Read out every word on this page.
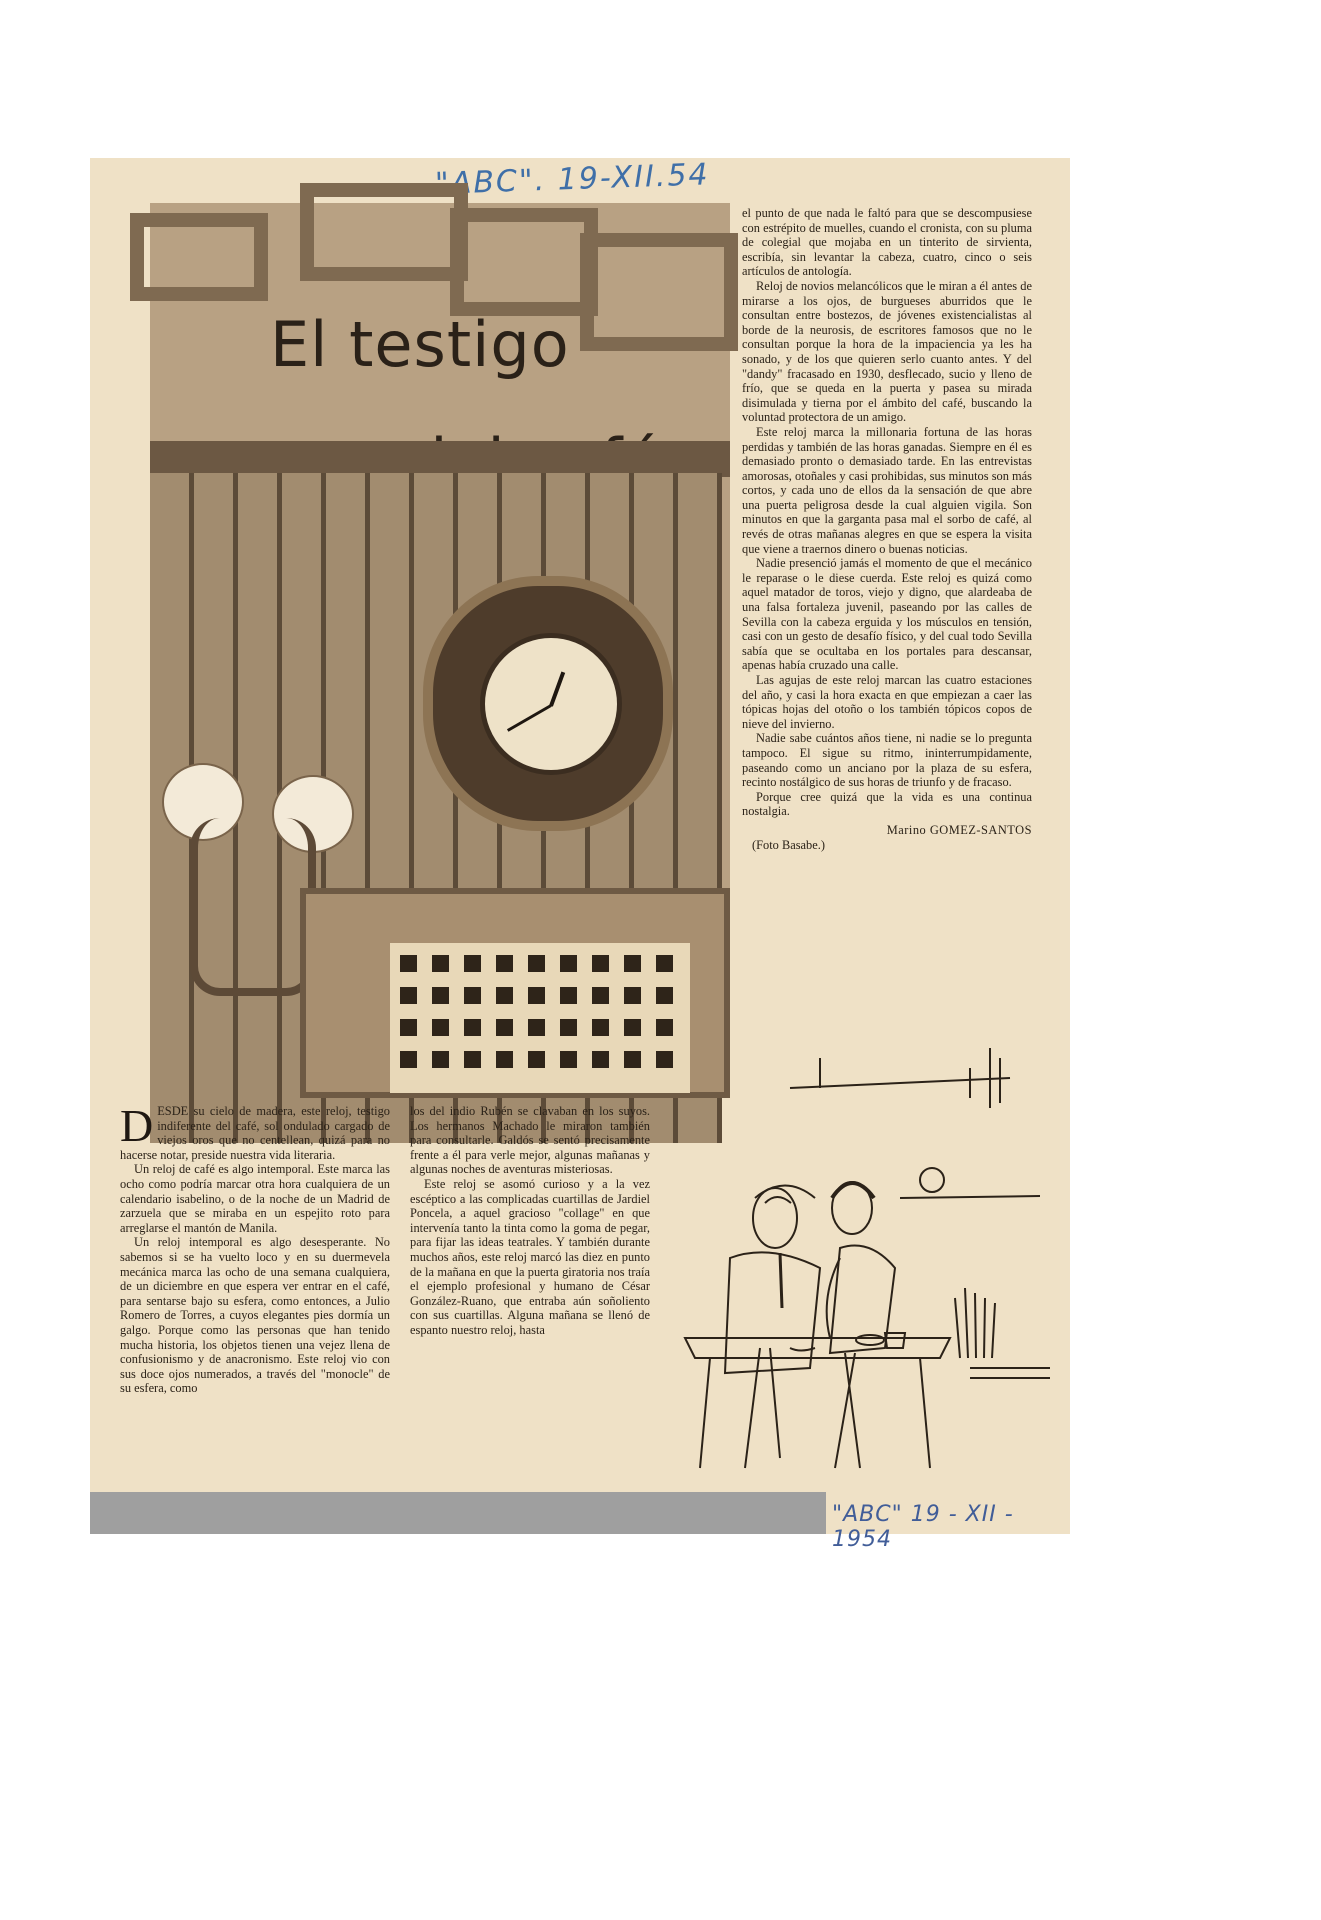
"ABC". 19-XII.54
El testigo

el punto de que nada le faltó para que se descompusiese con estrépito de muelles, cuando el cronista, con su pluma de colegial que mojaba en un tinterito de sirvienta, escribía, sin levantar la cabeza, cuatro, cinco o seis artículos de antología.

Reloj de novios melancólicos que le miran a él antes de mirarse a los ojos, de burgueses aburridos que le consultan entre bostezos, de jóvenes existencialistas al borde de la neurosis, de escritores famosos que no le consultan porque la hora de la impaciencia ya les ha sonado, y de los que quieren serlo cuanto antes. Y del "dandy" fracasado en 1930, desflecado, sucio y lleno de frío, que se queda en la puerta y pasea su mirada disimulada y tierna por el ámbito del café, buscando la voluntad protectora de un amigo.

Este reloj marca la millonaria fortuna de las horas perdidas y también de las horas ganadas. Siempre en él es demasiado pronto o demasiado tarde. En las entrevistas amorosas, otoñales y casi prohibidas, sus minutos son más cortos, y cada uno de ellos da la sensación de que abre una puerta peligrosa desde la cual alguien vigila. Son minutos en que la garganta pasa mal el sorbo de café, al revés de otras mañanas alegres en que se espera la visita que viene a traernos dinero o buenas noticias.

Nadie presenció jamás el momento de que el mecánico le reparase o le diese cuerda. Este reloj es quizá como aquel matador de toros, viejo y digno, que alardeaba de una falsa fortaleza juvenil, paseando por las calles de Sevilla con la cabeza erguida y los músculos en tensión, casi con un gesto de desafío físico, y del cual todo Sevilla sabía que se ocultaba en los portales para descansar, apenas había cruzado una calle.

Las agujas de este reloj marcan las cuatro estaciones del año, y casi la hora exacta en que empiezan a caer las tópicas hojas del otoño o los también tópicos copos de nieve del invierno.

Nadie sabe cuántos años tiene, ni nadie se lo pregunta tampoco. El sigue su ritmo, ininterrumpidamente, paseando como un anciano por la plaza de su esfera, recinto nostálgico de sus horas de triunfo y de fracaso.

Porque cree quizá que la vida es una continua nostalgia.

Marino GOMEZ-SANTOS
(Foto Basabe.)

DESDE su cielo de madera, este reloj, testigo indiferente del café, sol ondulado cargado de viejos oros que no centellean, quizá para no hacerse notar, preside nuestra vida literaria.

Un reloj de café es algo intemporal. Este marca las ocho como podría marcar otra hora cualquiera de un calendario isabelino, o de la noche de un Madrid de zarzuela que se miraba en un espejito roto para arreglarse el mantón de Manila.

Un reloj intemporal es algo desesperante. No sabemos si se ha vuelto loco y en su duermevela mecánica marca las ocho de una semana cualquiera, de un diciembre en que espera ver entrar en el café, para sentarse bajo su esfera, como entonces, a Julio Romero de Torres, a cuyos elegantes pies dormía un galgo. Porque como las personas que han tenido mucha historia, los objetos tienen una vejez llena de confusionismo y de anacronismo. Este reloj vio con sus doce ojos numerados, a través del "monocle" de su esfera, como

los del indio Rubén se clavaban en los suyos. Los hermanos Machado le miraron también para consultarle. Galdós se sentó precisamente frente a él para verle mejor, algunas mañanas y algunas noches de aventuras misteriosas.

Este reloj se asomó curioso y a la vez escéptico a las complicadas cuartillas de Jardiel Poncela, a aquel gracioso "collage" en que intervenía tanto la tinta como la goma de pegar, para fijar las ideas teatrales. Y también durante muchos años, este reloj marcó las diez en punto de la mañana en que la puerta giratoria nos traía el ejemplo profesional y humano de César González-Ruano, que entraba aún soñoliento con sus cuartillas. Alguna mañana se llenó de espanto nuestro reloj, hasta

"ABC" 19 - XII - 1954
